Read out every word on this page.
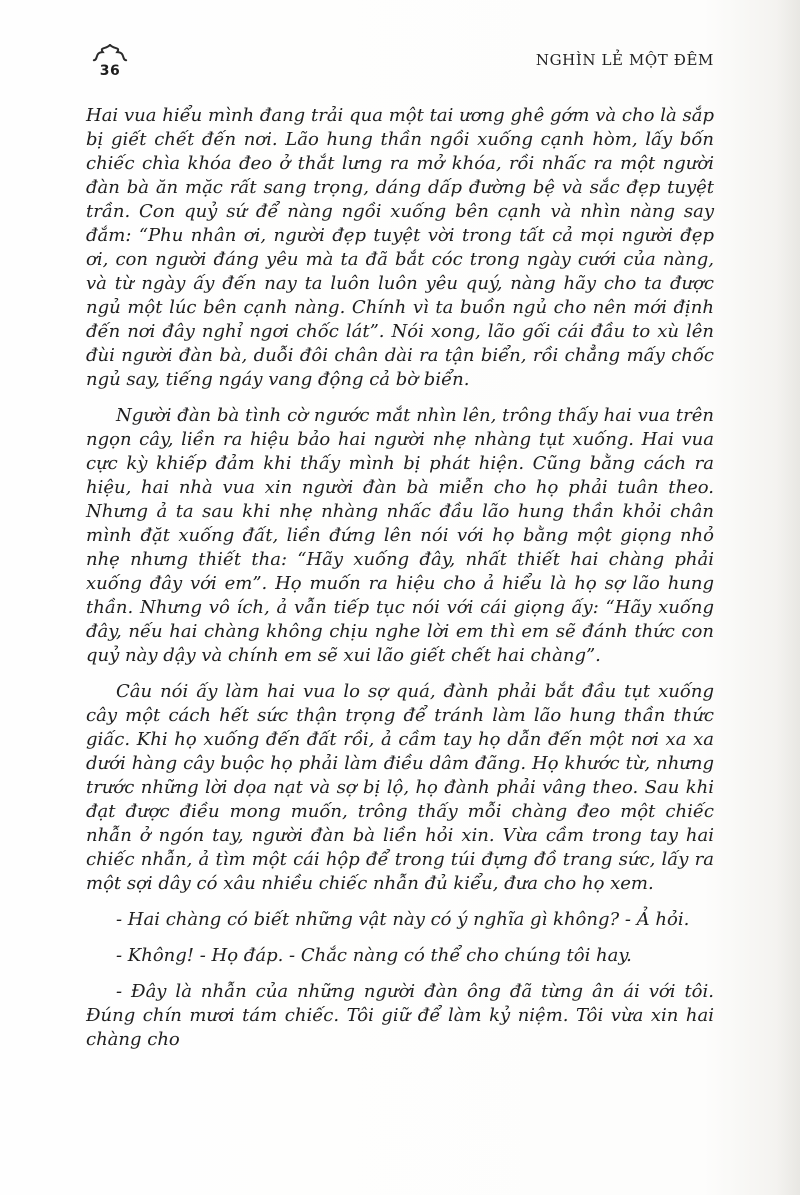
36
NGHÌN LẺ MỘT ĐÊM

Hai vua hiểu mình đang trải qua một tai ương ghê gớm và cho là sắp bị giết chết đến nơi. Lão hung thần ngồi xuống cạnh hòm, lấy bốn chiếc chìa khóa đeo ở thắt lưng ra mở khóa, rồi nhấc ra một người đàn bà ăn mặc rất sang trọng, dáng dấp đường bệ và sắc đẹp tuyệt trần. Con quỷ sứ để nàng ngồi xuống bên cạnh và nhìn nàng say đắm: “Phu nhân ơi, người đẹp tuyệt vời trong tất cả mọi người đẹp ơi, con người đáng yêu mà ta đã bắt cóc trong ngày cưới của nàng, và từ ngày ấy đến nay ta luôn luôn yêu quý, nàng hãy cho ta được ngủ một lúc bên cạnh nàng. Chính vì ta buồn ngủ cho nên mới định đến nơi đây nghỉ ngơi chốc lát”. Nói xong, lão gối cái đầu to xù lên đùi người đàn bà, duỗi đôi chân dài ra tận biển, rồi chẳng mấy chốc ngủ say, tiếng ngáy vang động cả bờ biển.

Người đàn bà tình cờ ngước mắt nhìn lên, trông thấy hai vua trên ngọn cây, liền ra hiệu bảo hai người nhẹ nhàng tụt xuống. Hai vua cực kỳ khiếp đảm khi thấy mình bị phát hiện. Cũng bằng cách ra hiệu, hai nhà vua xin người đàn bà miễn cho họ phải tuân theo. Nhưng ả ta sau khi nhẹ nhàng nhấc đầu lão hung thần khỏi chân mình đặt xuống đất, liền đứng lên nói với họ bằng một giọng nhỏ nhẹ nhưng thiết tha: “Hãy xuống đây, nhất thiết hai chàng phải xuống đây với em”. Họ muốn ra hiệu cho ả hiểu là họ sợ lão hung thần. Nhưng vô ích, ả vẫn tiếp tục nói với cái giọng ấy: “Hãy xuống đây, nếu hai chàng không chịu nghe lời em thì em sẽ đánh thức con quỷ này dậy và chính em sẽ xui lão giết chết hai chàng”.

Câu nói ấy làm hai vua lo sợ quá, đành phải bắt đầu tụt xuống cây một cách hết sức thận trọng để tránh làm lão hung thần thức giấc. Khi họ xuống đến đất rồi, ả cầm tay họ dẫn đến một nơi xa xa dưới hàng cây buộc họ phải làm điều dâm đãng. Họ khước từ, nhưng trước những lời dọa nạt và sợ bị lộ, họ đành phải vâng theo. Sau khi đạt được điều mong muốn, trông thấy mỗi chàng đeo một chiếc nhẫn ở ngón tay, người đàn bà liền hỏi xin. Vừa cầm trong tay hai chiếc nhẫn, ả tìm một cái hộp để trong túi đựng đồ trang sức, lấy ra một sợi dây có xâu nhiều chiếc nhẫn đủ kiểu, đưa cho họ xem.

- Hai chàng có biết những vật này có ý nghĩa gì không? - Ả hỏi.

- Không! - Họ đáp. - Chắc nàng có thể cho chúng tôi hay.

- Đây là nhẫn của những người đàn ông đã từng ân ái với tôi. Đúng chín mươi tám chiếc. Tôi giữ để làm kỷ niệm. Tôi vừa xin hai chàng cho
